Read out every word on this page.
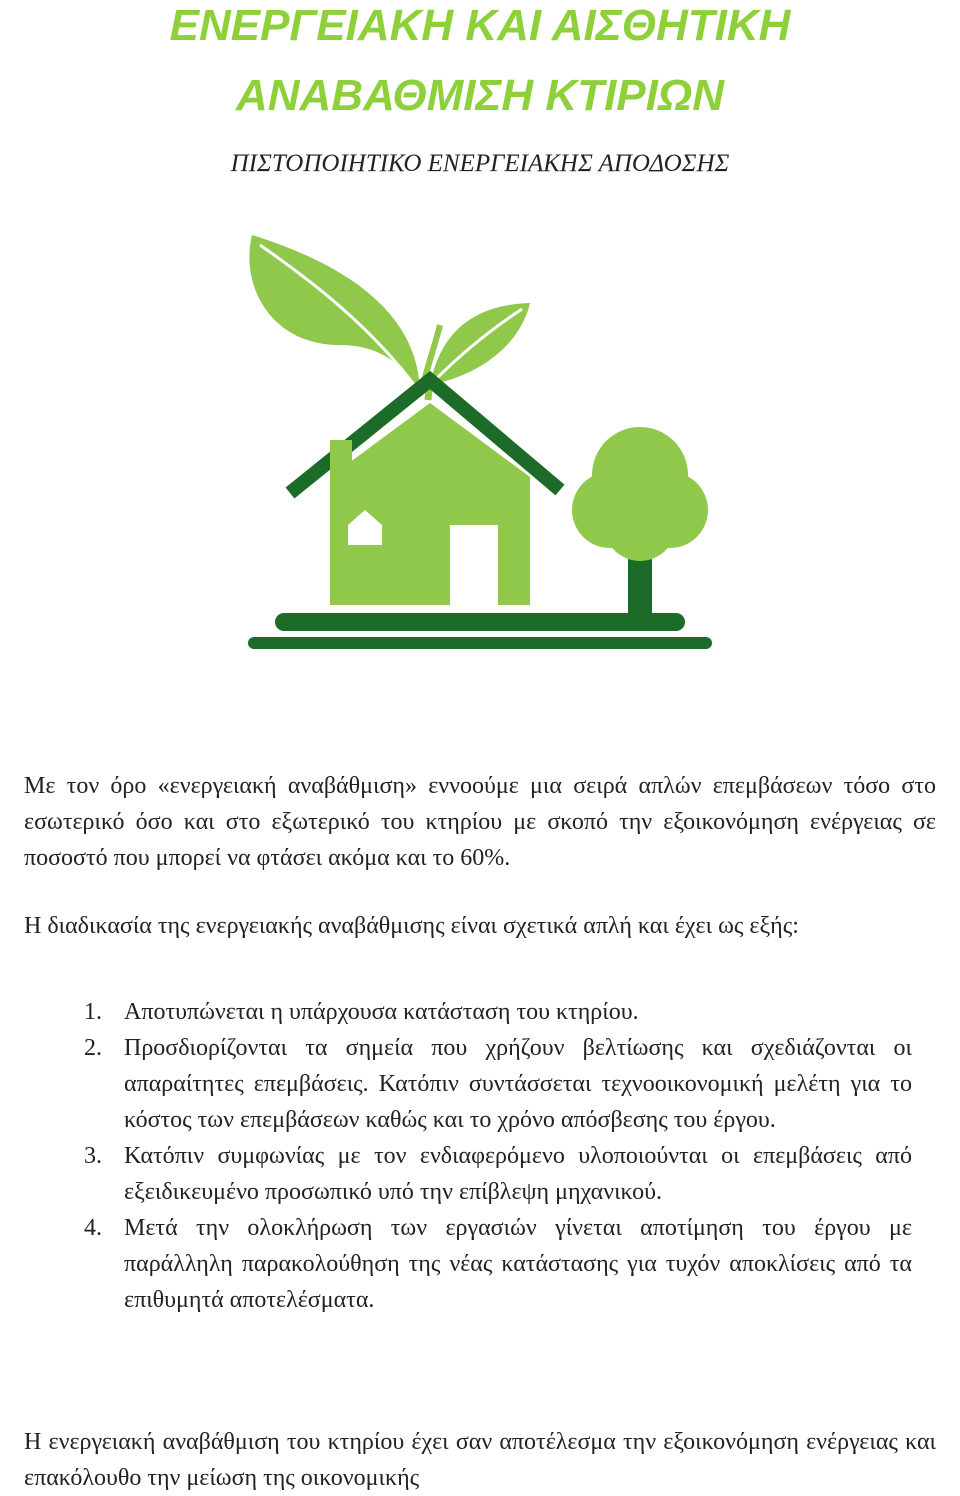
ΕΝΕΡΓΕΙΑΚΗ ΚΑΙ ΑΙΣΘΗΤΙΚΗ
ΑΝΑΒΑΘΜΙΣΗ ΚΤΙΡΙΩΝ

ΠΙΣΤΟΠΟΙΗΤΙΚΟ ΕΝΕΡΓΕΙΑΚΗΣ ΑΠΟΔΟΣΗΣ

Με τον όρο «ενεργειακή αναβάθμιση» εννοούμε μια σειρά απλών επεμβάσεων τόσο στο εσωτερικό όσο και στο εξωτερικό του κτηρίου με σκοπό την εξοικονόμηση ενέργειας σε ποσοστό που μπορεί να φτάσει ακόμα και το 60%.

Η διαδικασία της ενεργειακής αναβάθμισης είναι σχετικά απλή και έχει ως εξής:

1. Αποτυπώνεται η υπάρχουσα κατάσταση του κτηρίου.
2. Προσδιορίζονται τα σημεία που χρήζουν βελτίωσης και σχεδιάζονται οι απαραίτητες επεμβάσεις. Κατόπιν συντάσσεται τεχνοοικονομική μελέτη για το κόστος των επεμβάσεων καθώς και το χρόνο απόσβεσης του έργου.
3. Κατόπιν συμφωνίας με τον ενδιαφερόμενο υλοποιούνται οι επεμβάσεις από εξειδικευμένο προσωπικό υπό την επίβλεψη μηχανικού.
4. Μετά την ολοκλήρωση των εργασιών γίνεται αποτίμηση του έργου με παράλληλη παρακολούθηση της νέας κατάστασης για τυχόν αποκλίσεις από τα επιθυμητά αποτελέσματα.

Η ενεργειακή αναβάθμιση του κτηρίου έχει σαν αποτέλεσμα την εξοικονόμηση ενέργειας και επακόλουθο την μείωση της οικονομικής
